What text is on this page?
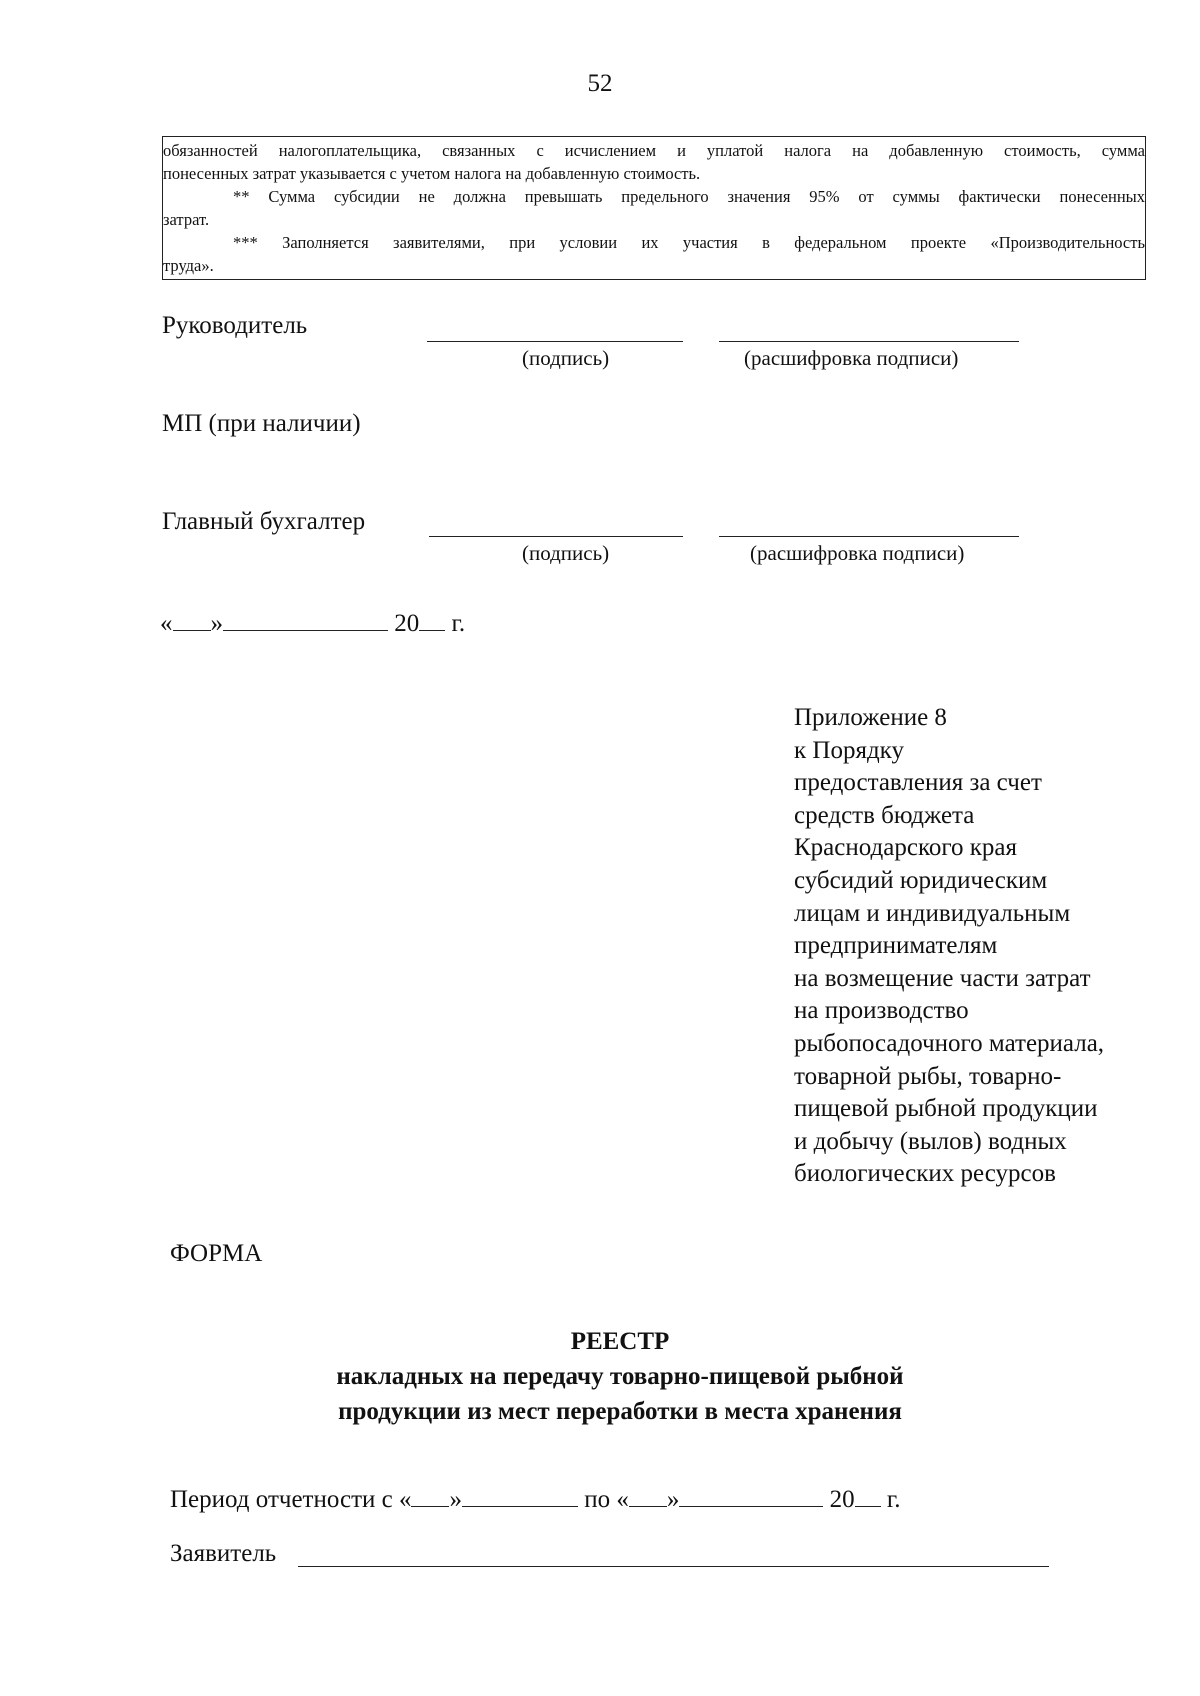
52

обязанностей налогоплательщика, связанных с исчислением и уплатой налога на добавленную стоимость, сумма

понесенных затрат указывается с учетом налога на добавленную стоимость.

** Сумма субсидии не должна превышать предельного значения 95% от суммы фактически понесенных

затрат.

*** Заполняется заявителями, при условии их участия в федеральном проекте «Производительность

труда».

Руководитель
(подпись)	(расшифровка подписи)
МП (при наличии)
Главный бухгалтер
(подпись)	(расшифровка подписи)
« »	20 г.
Приложение 8
к Порядку
предоставления за счет
средств бюджета
Краснодарского края
субсидий юридическим
лицам и индивидуальным
предпринимателям
на возмещение части затрат
на производство
рыбопосадочного материала,
товарной рыбы, товарно-
пищевой рыбной продукции
и добычу (вылов) водных
биологических ресурсов
ФОРМА
РЕЕСТР
накладных на передачу товарно-пищевой рыбной
продукции из мест переработки в места хранения
Период отчетности с « »	по « »	20 г.
Заявитель
